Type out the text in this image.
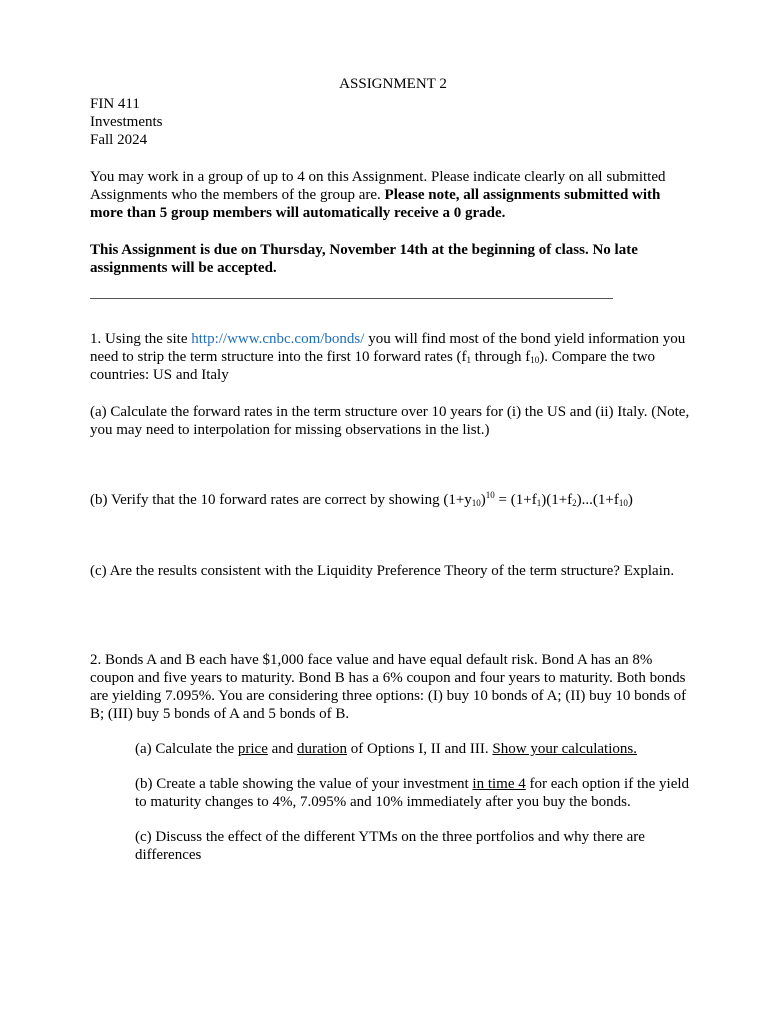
ASSIGNMENT 2

FIN 411

Investments

Fall 2024

You may work in a group of up to 4 on this Assignment. Please indicate clearly on all submitted Assignments who the members of the group are. Please note, all assignments submitted with more than 5 group members will automatically receive a 0 grade.

This Assignment is due on Thursday, November 14th at the beginning of class. No late assignments will be accepted.

1. Using the site http://www.cnbc.com/bonds/ you will find most of the bond yield information you need to strip the term structure into the first 10 forward rates ($f_1$ through $f_{10}$). Compare the two countries: US and Italy

(a) Calculate the forward rates in the term structure over 10 years for (i) the US and (ii) Italy. (Note, you may need to interpolation for missing observations in the list.)

(b) Verify that the 10 forward rates are correct by showing $(1+y_{10})^{10} = (1+f_1)(1+f_2)...(1+f_{10})$

(c) Are the results consistent with the Liquidity Preference Theory of the term structure? Explain.

2. Bonds A and B each have $1,000 face value and have equal default risk. Bond A has an 8% coupon and five years to maturity. Bond B has a 6% coupon and four years to maturity. Both bonds are yielding 7.095%. You are considering three options: (I) buy 10 bonds of A; (II) buy 10 bonds of B; (III) buy 5 bonds of A and 5 bonds of B.

(a) Calculate the price and duration of Options I, II and III. Show your calculations.

(b) Create a table showing the value of your investment in time 4 for each option if the yield to maturity changes to 4%, 7.095% and 10% immediately after you buy the bonds.

(c) Discuss the effect of the different YTMs on the three portfolios and why there are differences
